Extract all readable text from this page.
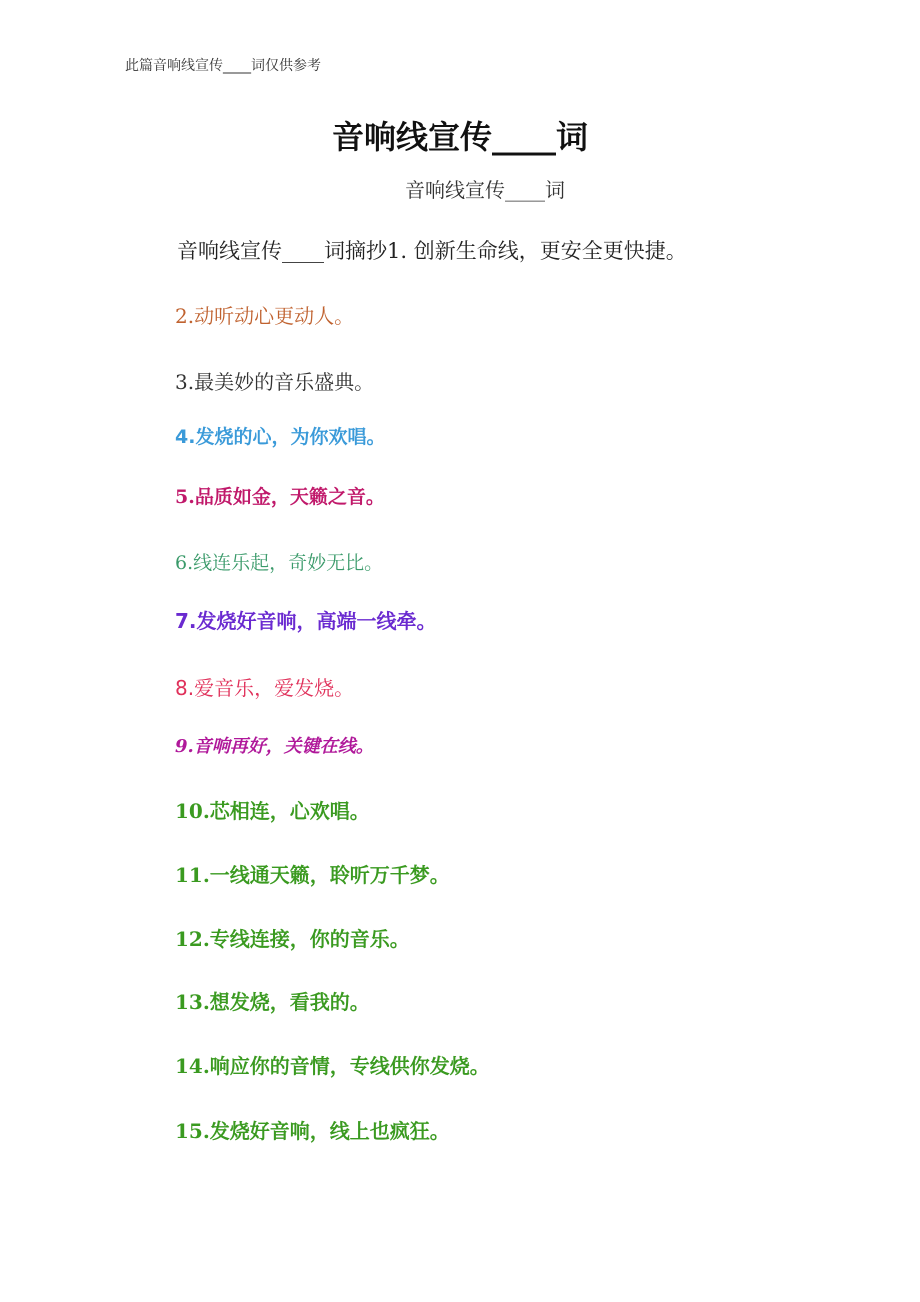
此篇音响线宣传____词仅供参考
音响线宣传____词
音响线宣传____词
音响线宣传____词摘抄1. 创新生命线，更安全更快捷。
2.动听动心更动人。
3.最美妙的音乐盛典。
4.发烧的心，为你欢唱。
5.品质如金，天籁之音。
6.线连乐起，奇妙无比。
7.发烧好音响，高端一线牵。
8.爱音乐，爱发烧。
9.音响再好，关键在线。
10.芯相连，心欢唱。
11.一线通天籁，聆听万千梦。
12.专线连接，你的音乐。
13.想发烧，看我的。
14.响应你的音情，专线供你发烧。
15.发烧好音响，线上也疯狂。
